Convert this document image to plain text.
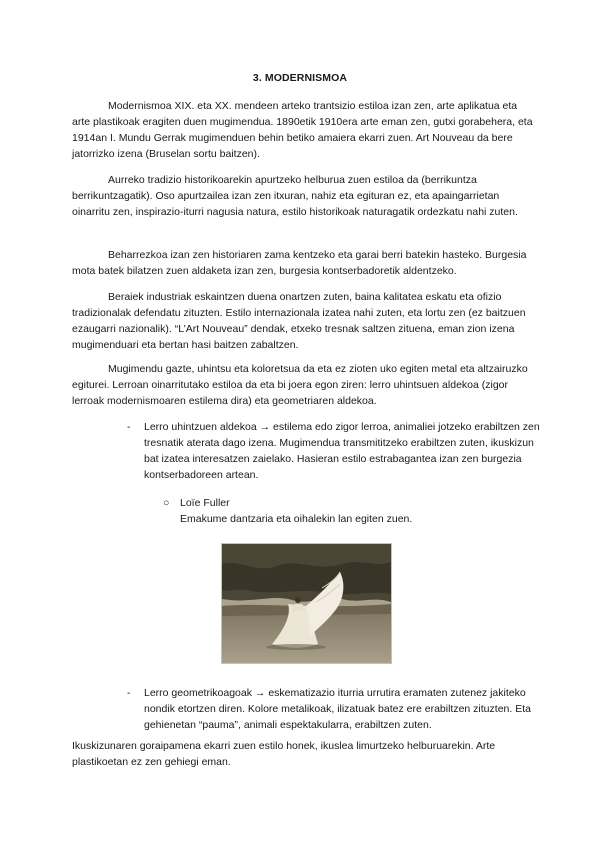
3. MODERNISMOA

Modernismoa XIX. eta XX. mendeen arteko trantsizio estiloa izan zen, arte aplikatua eta arte plastikoak eragiten duen mugimendua. 1890etik 1910era arte eman zen, gutxi gorabehera, eta 1914an I. Mundu Gerrak mugimenduen behin betiko amaiera ekarri zuen. Art Nouveau da bere jatorrizko izena (Bruselan sortu baitzen).

Aurreko tradizio historikoarekin apurtzeko helburua zuen estiloa da (berrikuntza berrikuntzagatik). Oso apurtzailea izan zen itxuran, nahiz eta egituran ez, eta apaingarrietan oinarritu zen, inspirazio-iturri nagusia natura, estilo historikoak naturagatik ordezkatu nahi zuten.

Beharrezkoa izan zen historiaren zama kentzeko eta garai berri batekin hasteko. Burgesia mota batek bilatzen zuen aldaketa izan zen, burgesia kontserbadoretik aldentzeko.

Beraiek industriak eskaintzen duena onartzen zuten, baina kalitatea eskatu eta ofizio tradizionalak defendatu zituzten. Estilo internazionala izatea nahi zuten, eta lortu zen (ez baitzuen ezaugarri nazionalik). “L’Art Nouveau” dendak, etxeko tresnak saltzen zituena, eman zion izena mugimenduari eta bertan hasi baitzen zabaltzen.

Mugimendu gazte, uhintsu eta koloretsua da eta ez zioten uko egiten metal eta altzairuzko egiturei. Lerroan oinarritutako estiloa da eta bi joera egon ziren: lerro uhintsuen aldekoa (zigor lerroak modernismoaren estilema dira) eta geometriaren aldekoa.

- Lerro uhintzuen aldekoa → estilema edo zigor lerroa, animaliei jotzeko erabiltzen zen tresnatik aterata dago izena. Mugimendua transmititzeko erabiltzen zuten, ikuskizun bat izatea interesatzen zaielako. Hasieran estilo estrabagantea izan zen burgezia kontserbadoreen artean.
○ Loïe Fuller
Emakume dantzaria eta oihalekin lan egiten zuen.
- Lerro geometrikoagoak → eskematizazio iturria urrutira eramaten zutenez jakiteko nondik etortzen diren. Kolore metalikoak, ilizatuak batez ere erabiltzen zituzten. Eta gehienetan “pauma”, animali espektakularra, erabiltzen zuten.

Ikuskizunaren goraipamena ekarri zuen estilo honek, ikuslea limurtzeko helburuarekin. Arte plastikoetan ez zen gehiegi eman.
